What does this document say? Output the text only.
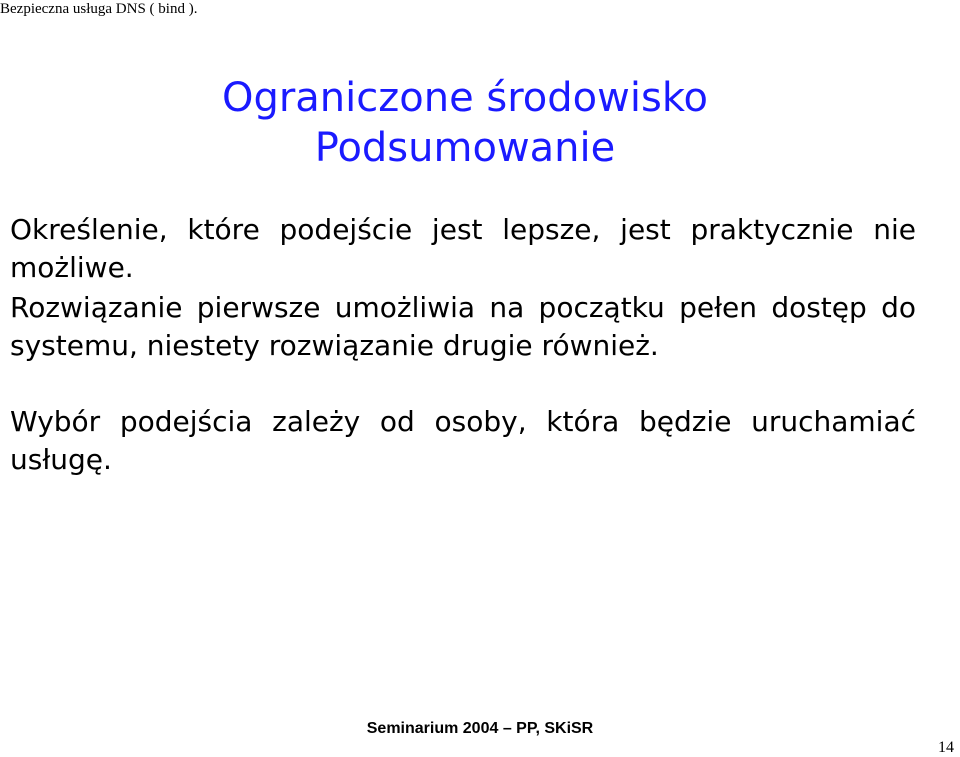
Bezpieczna usługa DNS ( bind ).
Ograniczone środowisko
Podsumowanie
Określenie, które podejście jest lepsze, jest praktycznie nie możliwe.
Rozwiązanie pierwsze umożliwia na początku pełen dostęp do systemu, niestety rozwiązanie drugie również.
Wybór podejścia zależy od osoby, która będzie uruchamiać usługę.
Seminarium 2004 – PP, SKiSR
14
